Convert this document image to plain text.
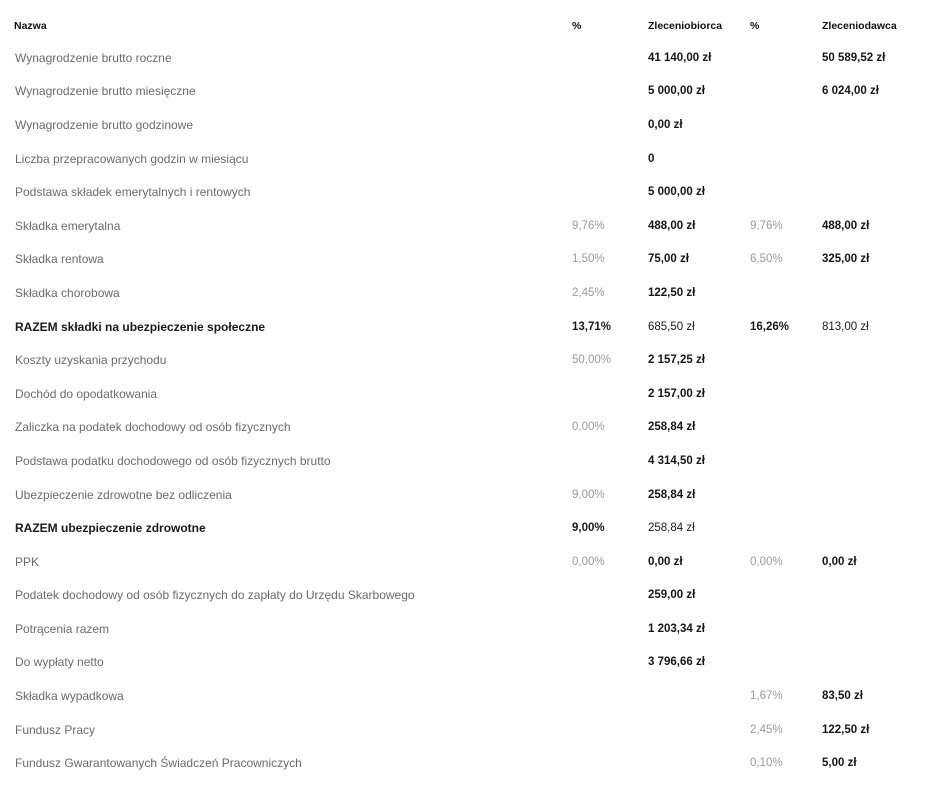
Nazwa	%	Zleceniobiorca	%	Zleceniodawca
Wynagrodzenie brutto roczne		41 140,00 zł		50 589,52 zł
Wynagrodzenie brutto miesięczne		5 000,00 zł		6 024,00 zł
Wynagrodzenie brutto godzinowe		0,00 zł		
Liczba przepracowanych godzin w miesiącu		0		
Podstawa składek emerytalnych i rentowych		5 000,00 zł		
Składka emerytalna	9,76%	488,00 zł	9,76%	488,00 zł
Składka rentowa	1,50%	75,00 zł	6,50%	325,00 zł
Składka chorobowa	2,45%	122,50 zł		
RAZEM składki na ubezpieczenie społeczne	13,71%	685,50 zł	16,26%	813,00 zł
Koszty uzyskania przychodu	50,00%	2 157,25 zł		
Dochód do opodatkowania		2 157,00 zł		
Zaliczka na podatek dochodowy od osób fizycznych	0,00%	258,84 zł		
Podstawa podatku dochodowego od osób fizycznych brutto		4 314,50 zł		
Ubezpieczenie zdrowotne bez odliczenia	9,00%	258,84 zł		
RAZEM ubezpieczenie zdrowotne	9,00%	258,84 zł		
PPK	0,00%	0,00 zł	0,00%	0,00 zł
Podatek dochodowy od osób fizycznych do zapłaty do Urzędu Skarbowego		259,00 zł		
Potrącenia razem		1 203,34 zł		
Do wypłaty netto		3 796,66 zł		
Składka wypadkowa			1,67%	83,50 zł
Fundusz Pracy			2,45%	122,50 zł
Fundusz Gwarantowanych Świadczeń Pracowniczych			0,10%	5,00 zł
